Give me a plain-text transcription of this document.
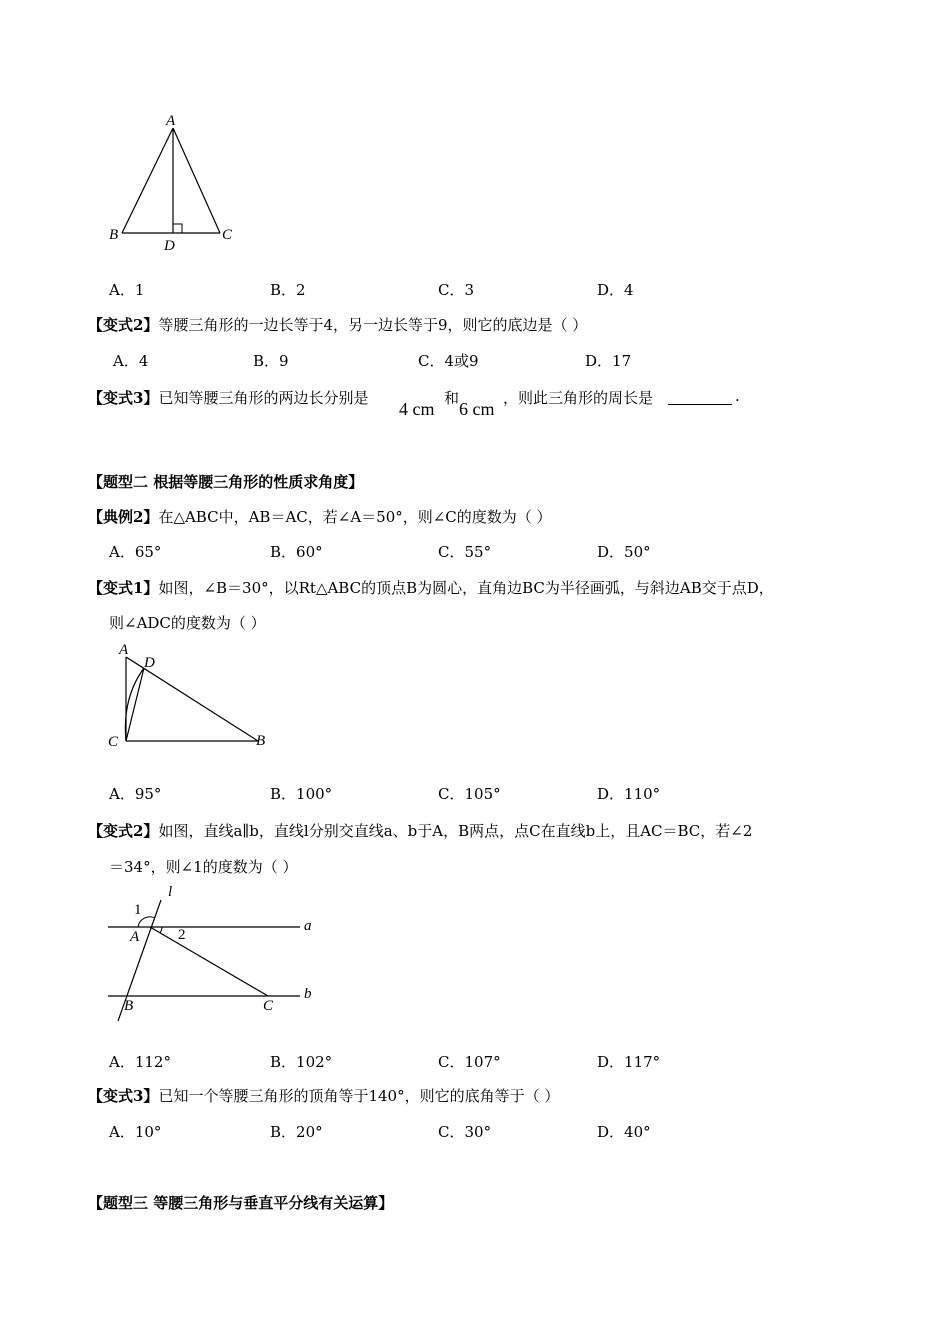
A
B	C
D
A．1	B．2	C．3	D．4
【变式2】等腰三角形的一边长等于4，另一边长等于9，则它的底边是（ ）
A．4	B．9	C．4或9	D．17
【变式3】已知等腰三角形的两边长分别是
4 cm
和
6 cm
，则此三角形的周长是	.
【题型二 根据等腰三角形的性质求角度】
【典例2】在△ABC中，AB＝AC，若∠A＝50°，则∠C的度数为（ ）
A．65°	B．60°	C．55°	D．50°
【变式1】如图，∠B＝30°，以Rt△ABC的顶点B为圆心，直角边BC为半径画弧，与斜边AB交于点D，
则∠ADC的度数为（ ）
A
D
C	B
A．95°	B．100°	C．105°	D．110°
【变式2】如图，直线a∥b，直线l分别交直线a、b于A，B两点，点C在直线b上，且AC＝BC，若∠2
＝34°，则∠1的度数为（ ）
l
1
2
A
a
B	C
b
A．112°	B．102°	C．107°	D．117°
【变式3】已知一个等腰三角形的顶角等于140°，则它的底角等于（ ）
A．10°	B．20°	C．30°	D．40°
【题型三 等腰三角形与垂直平分线有关运算】
